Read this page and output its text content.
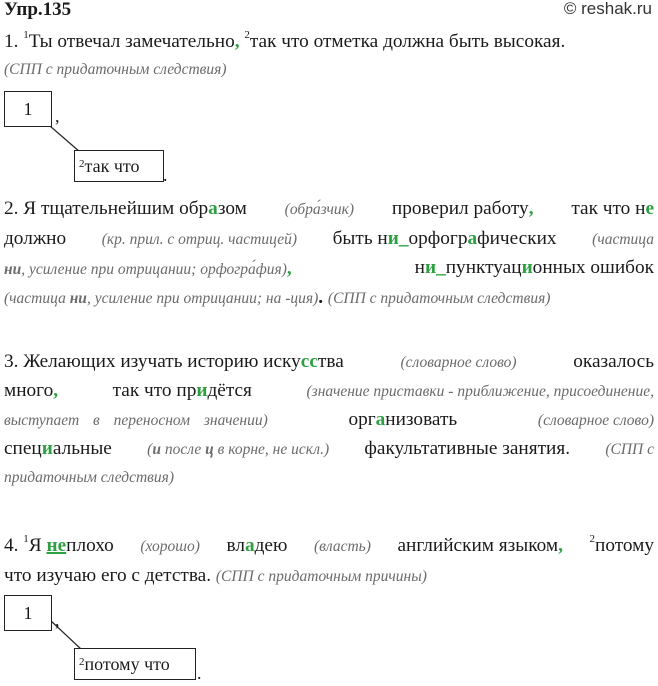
Упр.135	© reshak.ru
1. $^1$Ты отвечал замечательно, $^2$так что отметка должна быть высокая.
(СПП с придаточным следствия)
1	,
$^2$так что	.
2. Я тщательнейшим образом (обра́зчик) проверил работу, так что не
должно (кр. прил. с отриц. частицей) быть ни_орфографических (частица
ни, усиление при отрицании; орфогра́фия),	ни_пунктуационных ошибок
(частица ни, усиление при отрицании; на -ция). (СПП с придаточным следствия)
3. Желающих изучать историю искусства	(словарное слово)	оказалось
много,	так что придётся	(значение приставки - приближение, присоединение,
выступает в переносном значении)	организовать	(словарное слово)
специальные (и после ц в корне, не искл.) факультативные занятия. (СПП с
придаточным следствия)
4. $^1$Я неплохо (хорошо) владею (власть) английским языком, $^2$потому
что изучаю его с детства. (СПП с придаточным причины)
1	,
$^2$потому что	.
